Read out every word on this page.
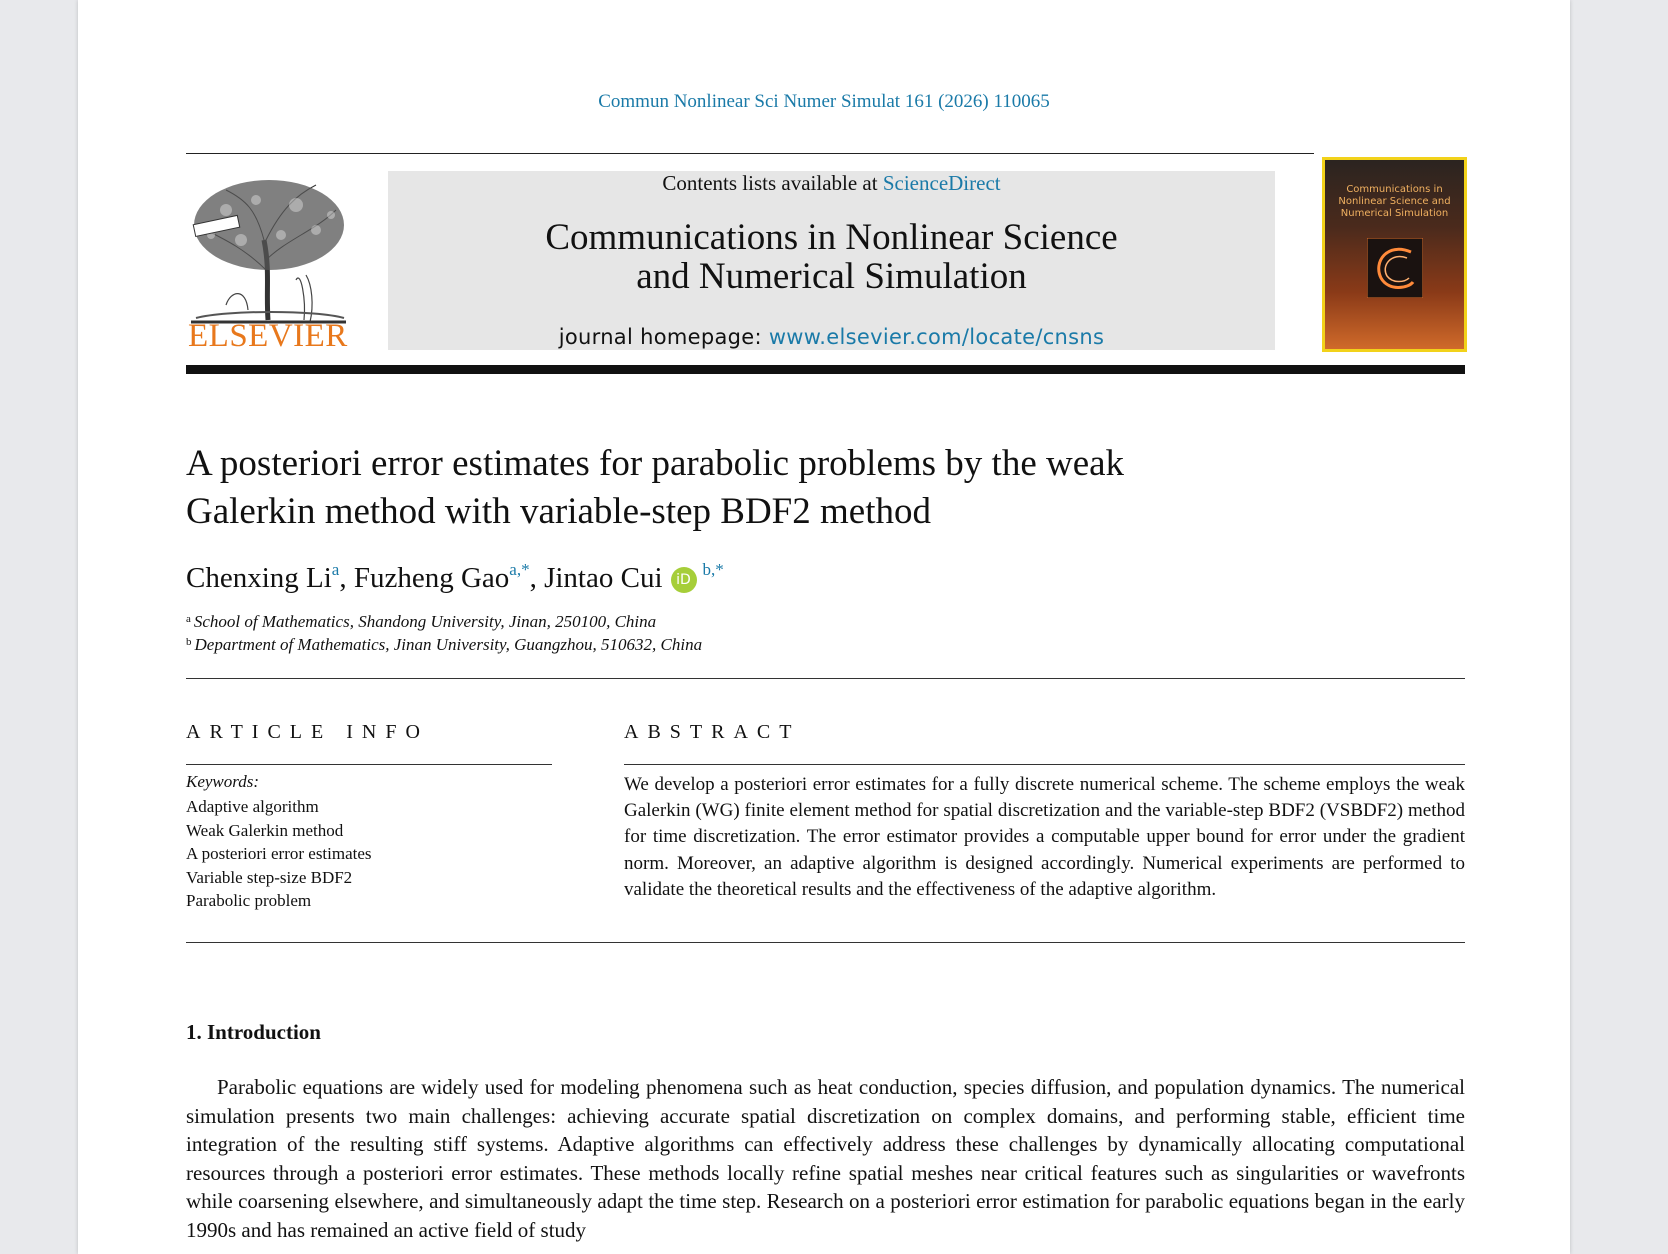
Commun Nonlinear Sci Numer Simulat 161 (2026) 110065
ELSEVIER
Contents lists available at ScienceDirect
Communications in Nonlinear Science
and Numerical Simulation
journal homepage: www.elsevier.com/locate/cnsns
Communications in Nonlinear Science and Numerical Simulation
A posteriori error estimates for parabolic problems by the weak
Galerkin method with variable-step BDF2 method
Chenxing Li$^a$, Fuzheng Gao$^{a,*}$, Jintao Cui $iD^{b,*}$
$^a$ School of Mathematics, Shandong University, Jinan, 250100, China
$^b$ Department of Mathematics, Jinan University, Guangzhou, 510632, China
ARTICLE INFO	ABSTRACT
Keywords:
Adaptive algorithm
Weak Galerkin method
A posteriori error estimates
Variable step-size BDF2
Parabolic problem
We develop a posteriori error estimates for a fully discrete numerical scheme. The scheme employs the weak Galerkin (WG) finite element method for spatial discretization and the variable-step BDF2 (VSBDF2) method for time discretization. The error estimator provides a computable upper bound for error under the gradient norm. Moreover, an adaptive algorithm is designed accordingly. Numerical experiments are performed to validate the theoretical results and the effectiveness of the adaptive algorithm.
1. Introduction
Parabolic equations are widely used for modeling phenomena such as heat conduction, species diffusion, and population dynamics. The numerical simulation presents two main challenges: achieving accurate spatial discretization on complex domains, and performing stable, efficient time integration of the resulting stiff systems. Adaptive algorithms can effectively address these challenges by dynamically allocating computational resources through a posteriori error estimates. These methods locally refine spatial meshes near critical features such as singularities or wavefronts while coarsening elsewhere, and simultaneously adapt the time step. Research on a posteriori error estimation for parabolic equations began in the early 1990s and has remained an active field of study
